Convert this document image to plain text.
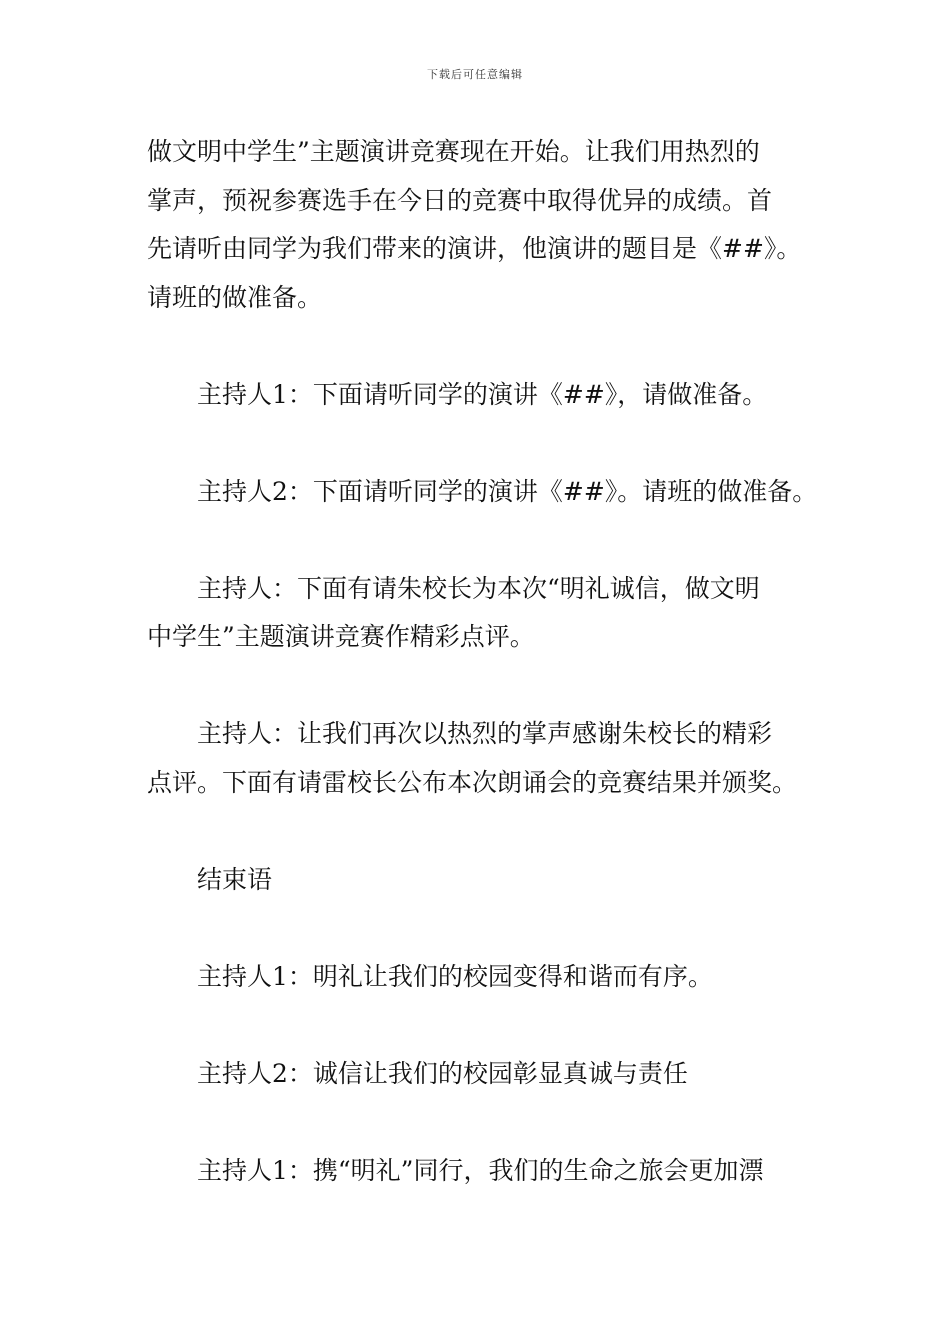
下载后可任意编辑

做文明中学生”主题演讲竞赛现在开始。让我们用热烈的
掌声，预祝参赛选手在今日的竞赛中取得优异的成绩。首
先请听由同学为我们带来的演讲，他演讲的题目是《##》。
请班的做准备。

主持人1：下面请听同学的演讲《##》，请做准备。

主持人2：下面请听同学的演讲《##》。请班的做准备。

主持人：下面有请朱校长为本次“明礼诚信，做文明
中学生”主题演讲竞赛作精彩点评。

主持人：让我们再次以热烈的掌声感谢朱校长的精彩
点评。下面有请雷校长公布本次朗诵会的竞赛结果并颁奖。

结束语

主持人1：明礼让我们的校园变得和谐而有序。

主持人2：诚信让我们的校园彰显真诚与责任

主持人1：携“明礼”同行，我们的生命之旅会更加漂
